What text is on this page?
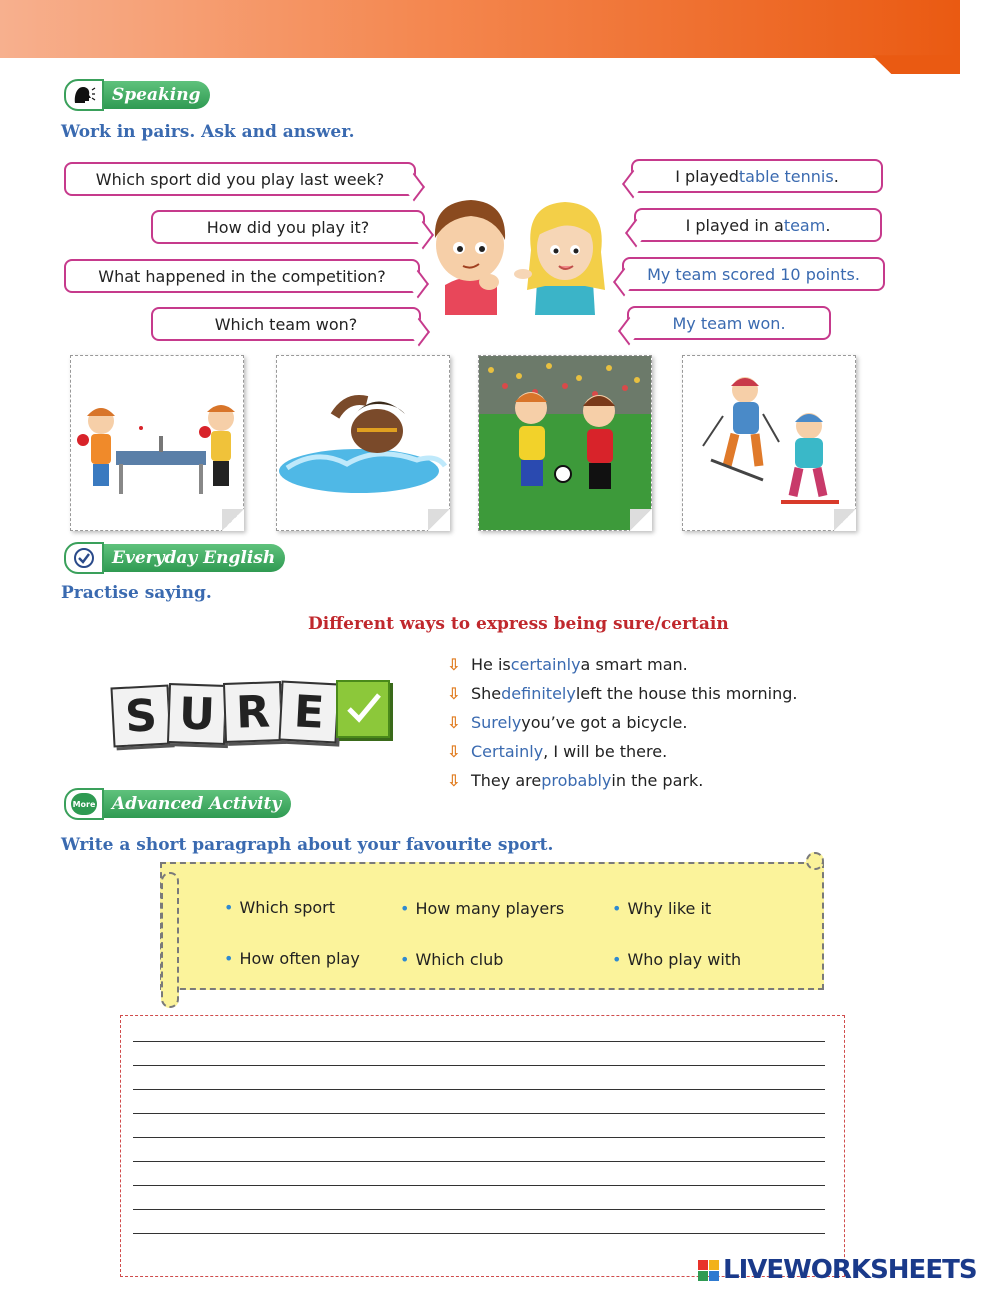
Speaking
Work in pairs. Ask and answer.
Which sport did you play last week?
How did you play it?
What happened in the competition?
Which team won?
I played table tennis .
I played in a team .
My team scored 10 points.
My team won.
Everyday English
Practise saying.
Different ways to express being sure/certain
S U R E
⇩ He is certainly a smart man.
⇩ She definitely left the house this morning.
⇩ Surely you’ve got a bicycle.
⇩ Certainly , I will be there.
⇩ They are probably in the park.
More Advanced Activity
Write a short paragraph about your favourite sport.
• Which sport	• How many players	• Why like it
• How often play	• Which club	• Who play with
LIVEWORKSHEETS
